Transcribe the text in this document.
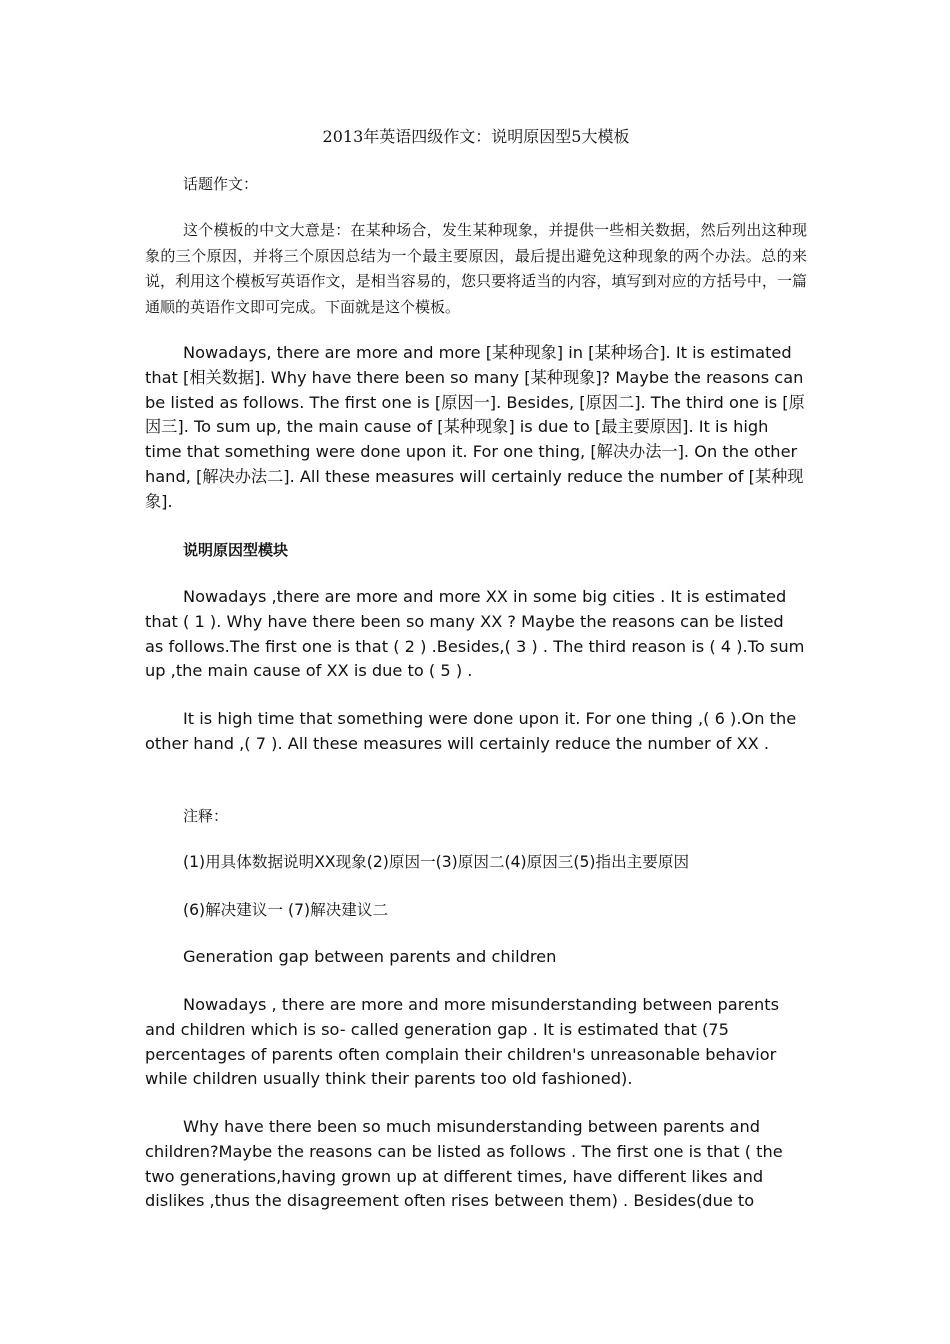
2013年英语四级作文：说明原因型5大模板

话题作文：

这个模板的中文大意是：在某种场合，发生某种现象，并提供一些相关数据，然后列出这种现象的三个原因，并将三个原因总结为一个最主要原因，最后提出避免这种现象的两个办法。总的来说，利用这个模板写英语作文，是相当容易的，您只要将适当的内容，填写到对应的方括号中，一篇通顺的英语作文即可完成。下面就是这个模板。

Nowadays, there are more and more [某种现象] in [某种场合]. It is estimated that [相关数据]. Why have there been so many [某种现象]? Maybe the reasons can be listed as follows. The first one is [原因一]. Besides, [原因二]. The third one is [原因三]. To sum up, the main cause of [某种现象] is due to [最主要原因]. It is high time that something were done upon it. For one thing, [解决办法一]. On the other hand, [解决办法二]. All these measures will certainly reduce the number of [某种现象].

说明原因型模块

Nowadays ,there are more and more XX in some big cities . It is estimated that ( 1 ). Why have there been so many XX ? Maybe the reasons can be listed as follows.The first one is that ( 2 ) .Besides,( 3 ) . The third reason is ( 4 ).To sum up ,the main cause of XX is due to ( 5 ) .

It is high time that something were done upon it. For one thing ,( 6 ).On the other hand ,( 7 ). All these measures will certainly reduce the number of XX .

注释：

(1)用具体数据说明XX现象(2)原因一(3)原因二(4)原因三(5)指出主要原因

(6)解决建议一 (7)解决建议二

Generation gap between parents and children

Nowadays , there are more and more misunderstanding between parents and children which is so- called generation gap . It is estimated that (75 percentages of parents often complain their children's unreasonable behavior while children usually think their parents too old fashioned).

Why have there been so much misunderstanding between parents and children?Maybe the reasons can be listed as follows . The first one is that ( the two generations,having grown up at different times, have different likes and dislikes ,thus the disagreement often rises between them) . Besides(due to
